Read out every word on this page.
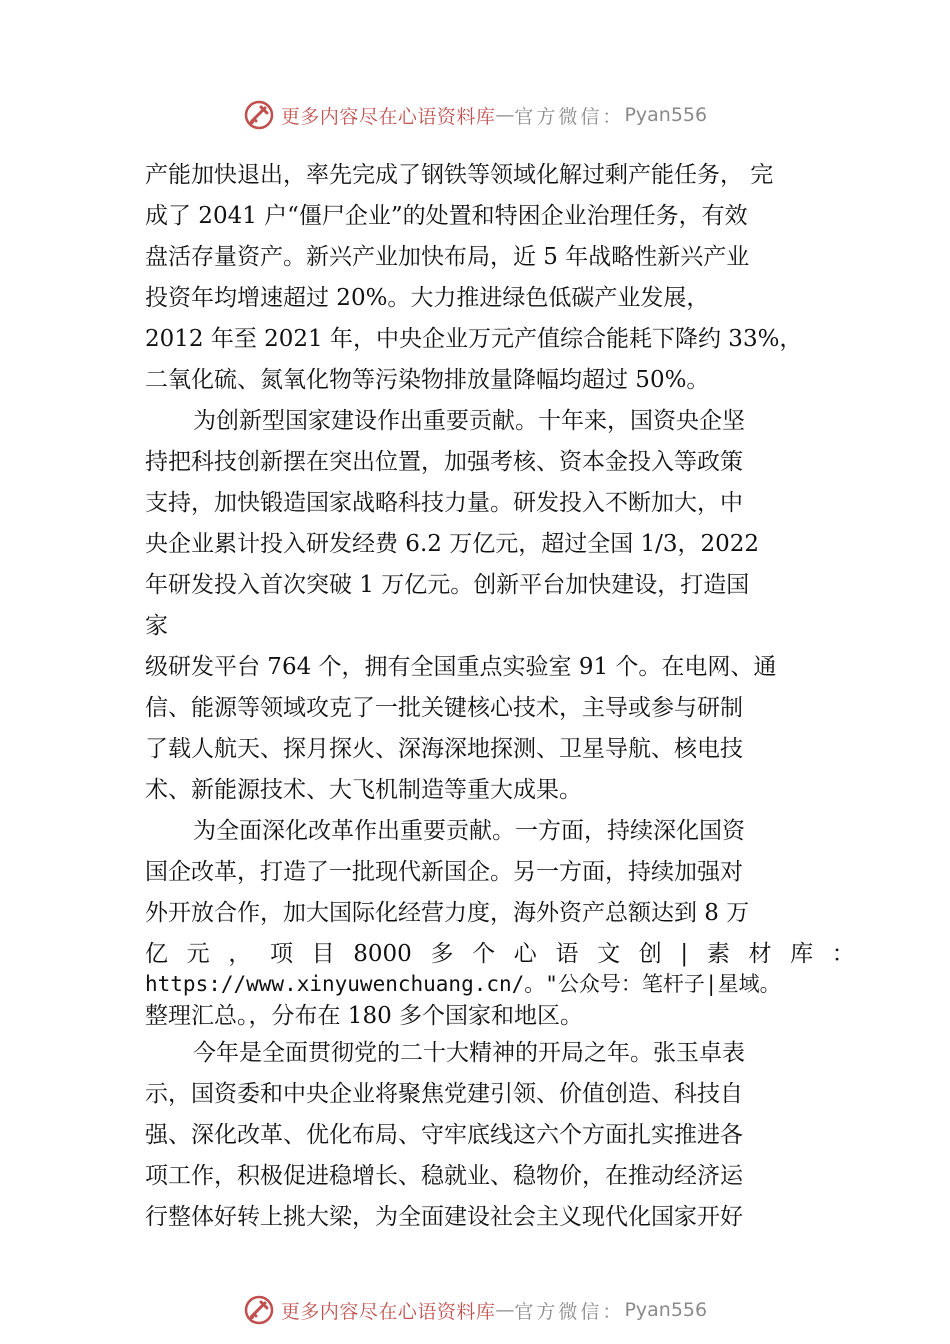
更多内容尽在心语资料库 — 官方微信： Pyan556
产能加快退出，率先完成了钢铁等领域化解过剩产能任务， 完
成了 2041 户“僵尸企业”的处置和特困企业治理任务，有效
盘活存量资产。新兴产业加快布局，近 5 年战略性新兴产业
投资年均增速超过 20%。大力推进绿色低碳产业发展，
2012 年至 2021 年，中央企业万元产值综合能耗下降约 33%，
二氧化硫、氮氧化物等污染物排放量降幅均超过 50%。
为创新型国家建设作出重要贡献。十年来，国资央企坚
持把科技创新摆在突出位置，加强考核、资本金投入等政策
支持，加快锻造国家战略科技力量。研发投入不断加大，中
央企业累计投入研发经费 6.2 万亿元，超过全国 1/3，2022
年研发投入首次突破 1 万亿元。创新平台加快建设，打造国
家
级研发平台 764 个，拥有全国重点实验室 91 个。在电网、通
信、能源等领域攻克了一批关键核心技术，主导或参与研制
了载人航天、探月探火、深海深地探测、卫星导航、核电技
术、新能源技术、大飞机制造等重大成果。
为全面深化改革作出重要贡献。一方面，持续深化国资
国企改革，打造了一批现代新国企。另一方面，持续加强对
外开放合作，加大国际化经营力度，海外资产总额达到 8 万
亿 元 ， 项 目 8000 多 个 心 语 文 创 | 素 材 库 ：
https://www.xinyuwenchuang.cn/。"公众号：笔杆子|星域。
整理汇总。，分布在 180 多个国家和地区。
今年是全面贯彻党的二十大精神的开局之年。张玉卓表
示，国资委和中央企业将聚焦党建引领、价值创造、科技自
强、深化改革、优化布局、守牢底线这六个方面扎实推进各
项工作，积极促进稳增长、稳就业、稳物价，在推动经济运
行整体好转上挑大梁，为全面建设社会主义现代化国家开好
更多内容尽在心语资料库 — 官方微信： Pyan556
